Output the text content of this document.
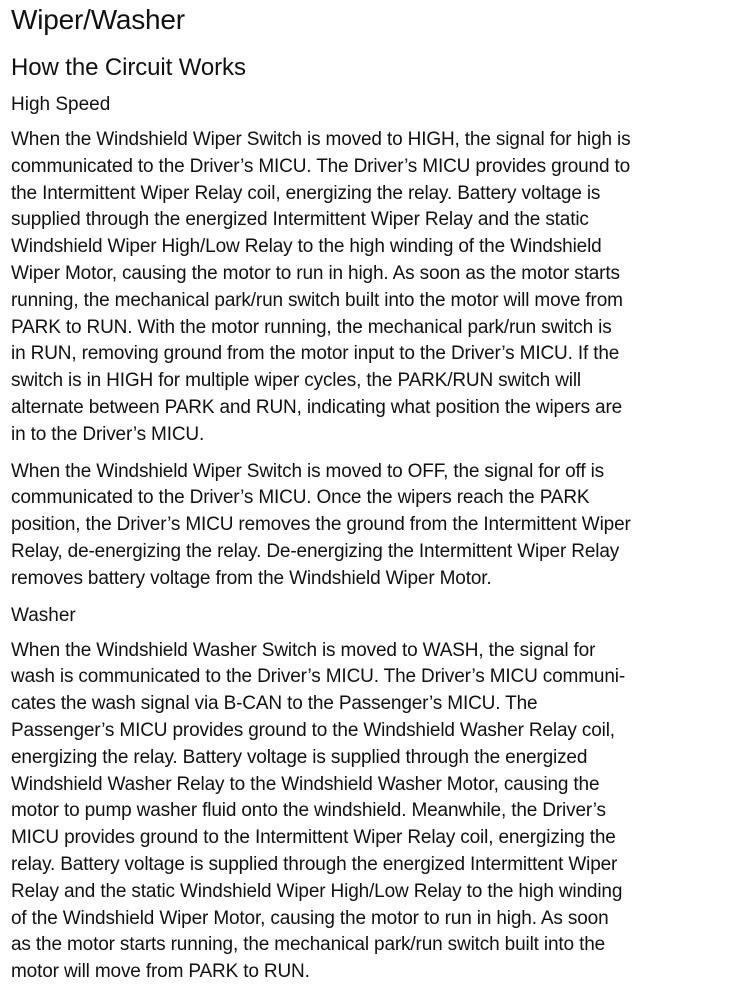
Wiper/Washer
How the Circuit Works
High Speed
When the Windshield Wiper Switch is moved to HIGH, the signal for high is
communicated to the Driver’s MICU. The Driver’s MICU provides ground to
the Intermittent Wiper Relay coil, energizing the relay. Battery voltage is
supplied through the energized Intermittent Wiper Relay and the static
Windshield Wiper High/Low Relay to the high winding of the Windshield
Wiper Motor, causing the motor to run in high. As soon as the motor starts
running, the mechanical park/run switch built into the motor will move from
PARK to RUN. With the motor running, the mechanical park/run switch is
in RUN, removing ground from the motor input to the Driver’s MICU. If the
switch is in HIGH for multiple wiper cycles, the PARK/RUN switch will
alternate between PARK and RUN, indicating what position the wipers are
in to the Driver’s MICU.
When the Windshield Wiper Switch is moved to OFF, the signal for off is
communicated to the Driver’s MICU. Once the wipers reach the PARK
position, the Driver’s MICU removes the ground from the Intermittent Wiper
Relay, de-energizing the relay. De-energizing the Intermittent Wiper Relay
removes battery voltage from the Windshield Wiper Motor.
Washer
When the Windshield Washer Switch is moved to WASH, the signal for
wash is communicated to the Driver’s MICU. The Driver’s MICU communi-
cates the wash signal via B-CAN to the Passenger’s MICU. The
Passenger’s MICU provides ground to the Windshield Washer Relay coil,
energizing the relay. Battery voltage is supplied through the energized
Windshield Washer Relay to the Windshield Washer Motor, causing the
motor to pump washer fluid onto the windshield. Meanwhile, the Driver’s
MICU provides ground to the Intermittent Wiper Relay coil, energizing the
relay. Battery voltage is supplied through the energized Intermittent Wiper
Relay and the static Windshield Wiper High/Low Relay to the high winding
of the Windshield Wiper Motor, causing the motor to run in high. As soon
as the motor starts running, the mechanical park/run switch built into the
motor will move from PARK to RUN.
